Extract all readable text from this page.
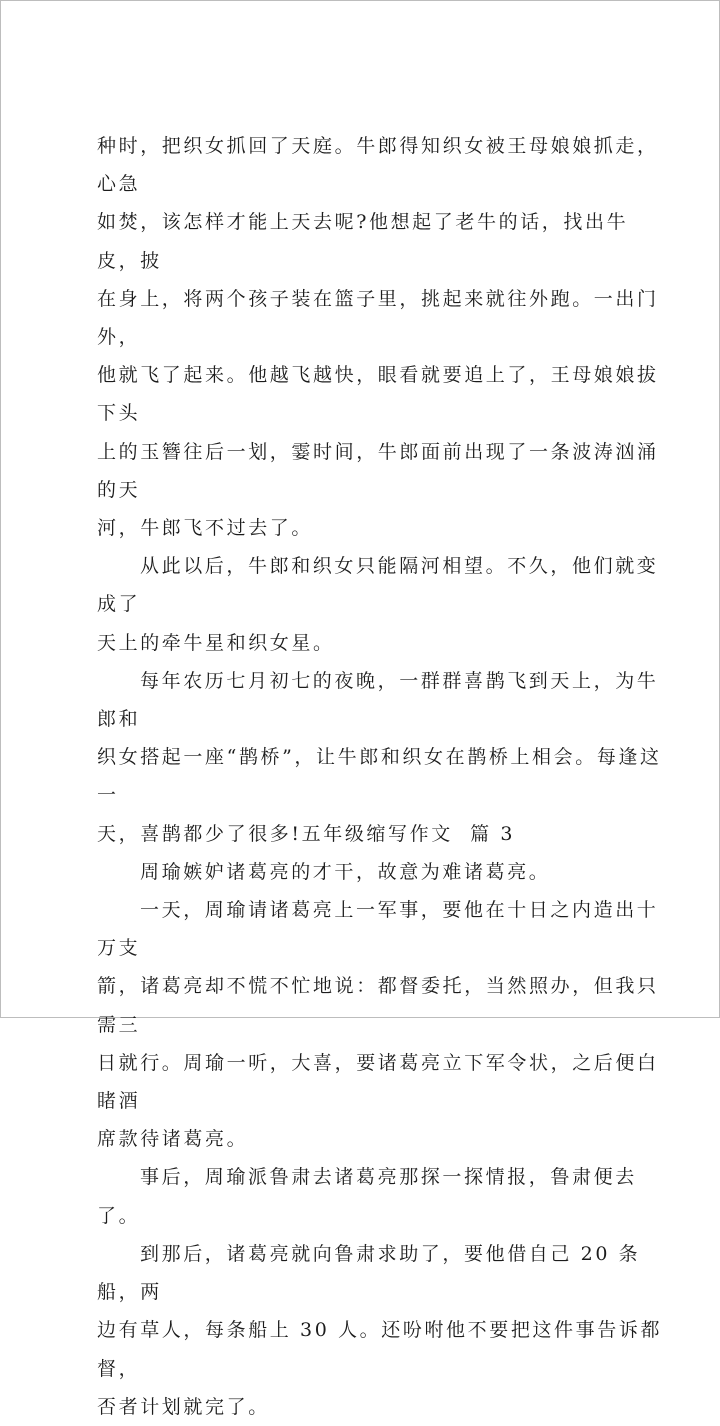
种时，把织女抓回了天庭。牛郎得知织女被王母娘娘抓走，心急
如焚，该怎样才能上天去呢?他想起了老牛的话，找出牛皮，披
在身上，将两个孩子装在篮子里，挑起来就往外跑。一出门外，
他就飞了起来。他越飞越快，眼看就要追上了，王母娘娘拔下头
上的玉簪往后一划，霎时间，牛郎面前出现了一条波涛汹涌的天
河，牛郎飞不过去了。

从此以后，牛郎和织女只能隔河相望。不久，他们就变成了
天上的牵牛星和织女星。

每年农历七月初七的夜晚，一群群喜鹊飞到天上，为牛郎和
织女搭起一座“鹊桥”，让牛郎和织女在鹊桥上相会。每逢这一
天，喜鹊都少了很多!五年级缩写作文  篇 3

周瑜嫉妒诸葛亮的才干，故意为难诸葛亮。

一天，周瑜请诸葛亮上一军事，要他在十日之内造出十万支
箭，诸葛亮却不慌不忙地说：都督委托，当然照办，但我只需三
日就行。周瑜一听，大喜，要诸葛亮立下军令状，之后便白睹酒
席款待诸葛亮。

事后，周瑜派鲁肃去诸葛亮那探一探情报，鲁肃便去了。

到那后，诸葛亮就向鲁肃求助了，要他借自己 20 条船，两
边有草人，每条船上 30 人。还吩咐他不要把这件事告诉都督，
否者计划就完了。
